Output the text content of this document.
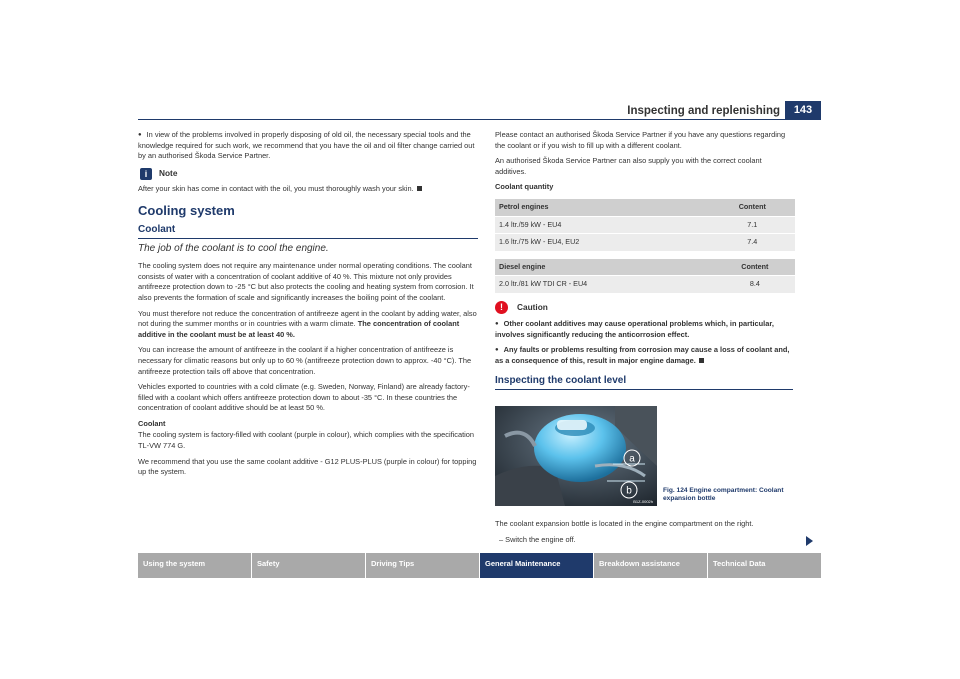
Inspecting and replenishing	143

● In view of the problems involved in properly disposing of old oil, the necessary special tools and the knowledge required for such work, we recommend that you have the oil and oil filter change carried out by an authorised Škoda Service Partner.

i	Note

After your skin has come in contact with the oil, you must thoroughly wash your skin.

Cooling system
Coolant
The job of the coolant is to cool the engine.

The cooling system does not require any maintenance under normal operating conditions. The coolant consists of water with a concentration of coolant additive of 40 %. This mixture not only provides antifreeze protection down to -25 °C but also protects the cooling and heating system from corrosion. It also prevents the formation of scale and significantly increases the boiling point of the coolant.

You must therefore not reduce the concentration of antifreeze agent in the coolant by adding water, also not during the summer months or in countries with a warm climate. The concentration of coolant additive in the coolant must be at least 40 %.

You can increase the amount of antifreeze in the coolant if a higher concentration of antifreeze is necessary for climatic reasons but only up to 60 % (antifreeze protection down to approx. -40 °C). The antifreeze protection tails off above that concentration.

Vehicles exported to countries with a cold climate (e.g. Sweden, Norway, Finland) are already factory-filled with a coolant which offers antifreeze protection down to about -35 °C. In these countries the concentration of coolant additive should be at least 50 %.

Coolant

The cooling system is factory-filled with coolant (purple in colour), which complies with the specification TL-VW 774 G.

We recommend that you use the same coolant additive - G12 PLUS-PLUS (purple in colour) for topping up the system.

Please contact an authorised Škoda Service Partner if you have any questions regarding the coolant or if you wish to fill up with a different coolant.

An authorised Škoda Service Partner can also supply you with the correct coolant additives.

Coolant quantity

Petrol engines	Content
1.4 ltr./59 kW - EU4	7.1
1.6 ltr./75 kW - EU4, EU2	7.4
Diesel engine	Content
2.0 ltr./81 kW TDI CR - EU4	8.4
!	Caution

● Other coolant additives may cause operational problems which, in particular, involves significantly reducing the anticorrosion effect.

● Any faults or problems resulting from corrosion may cause a loss of coolant and, as a consequence of this, result in major engine damage.

Inspecting the coolant level
a
b
B1Z-0002h
Fig. 124 Engine compartment: Coolant expansion bottle

The coolant expansion bottle is located in the engine compartment on the right.

– Switch the engine off.

Using the system	Safety	Driving Tips	General Maintenance	Breakdown assistance	Technical Data
